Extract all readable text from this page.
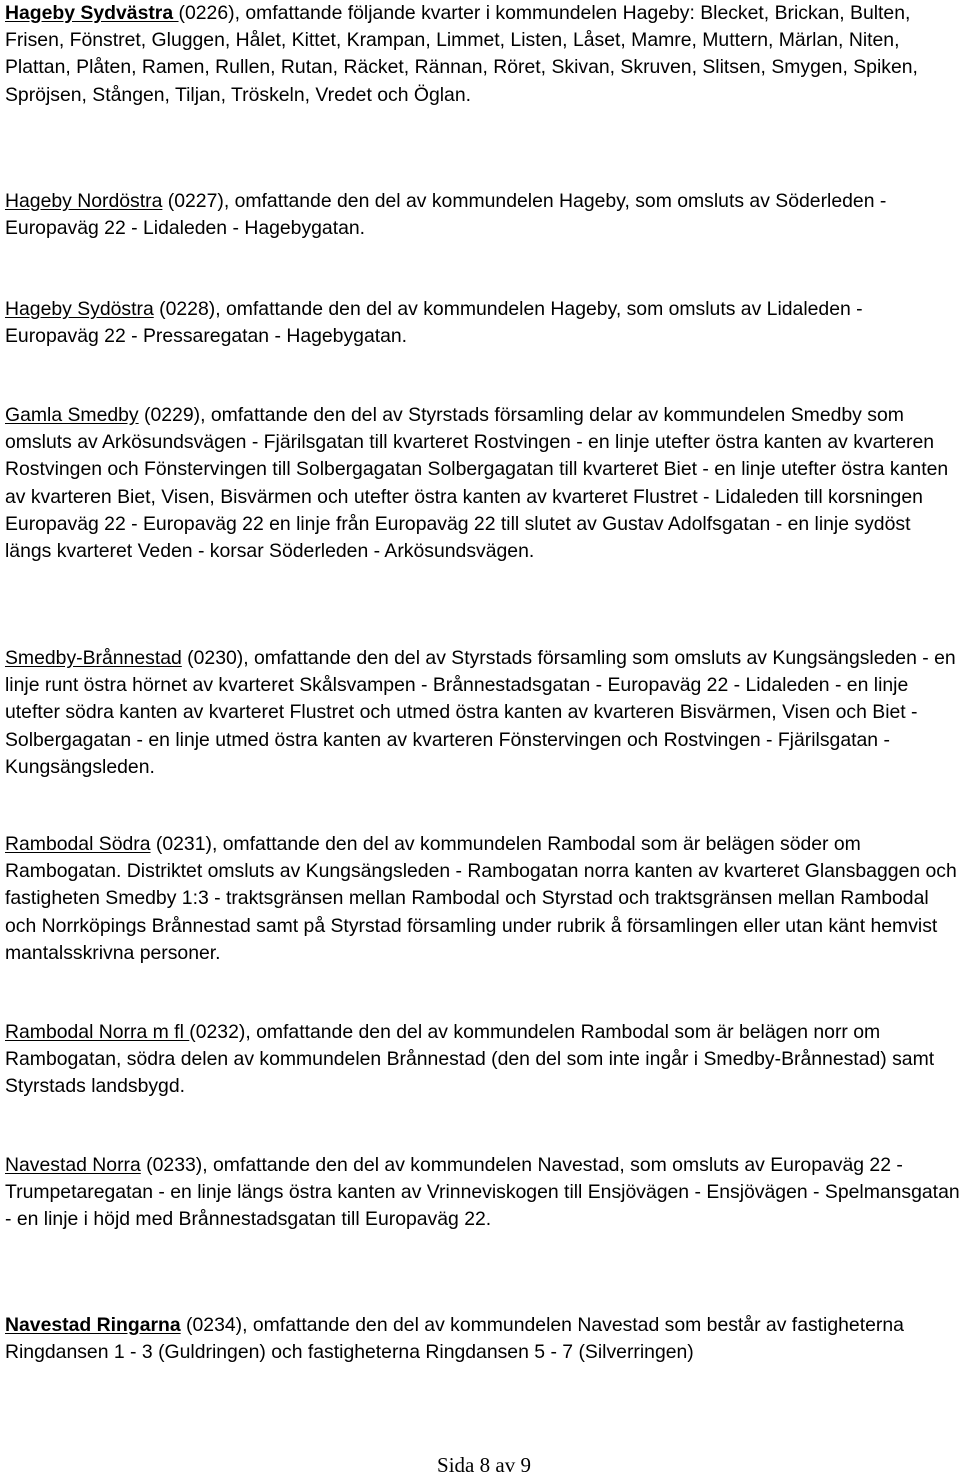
Hageby Sydvästra (0226), omfattande följande kvarter i kommundelen Hageby: Blecket, Brickan, Bulten, Frisen, Fönstret, Gluggen, Hålet, Kittet, Krampan, Limmet, Listen, Låset, Mamre, Muttern, Märlan, Niten, Plattan, Plåten, Ramen, Rullen, Rutan, Räcket, Rännan, Röret, Skivan, Skruven, Slitsen, Smygen, Spiken, Spröjsen, Stången, Tiljan, Tröskeln, Vredet och Öglan.

Hageby Nordöstra (0227), omfattande den del av kommundelen Hageby, som omsluts av Söderleden - Europaväg 22 - Lidaleden - Hagebygatan.

Hageby Sydöstra (0228), omfattande den del av kommundelen Hageby, som omsluts av Lidaleden - Europaväg 22 - Pressaregatan - Hagebygatan.

Gamla Smedby (0229), omfattande den del av Styrstads församling delar av kommundelen Smedby som omsluts av Arkösundsvägen - Fjärilsgatan till kvarteret Rostvingen - en linje utefter östra kanten av kvarteren Rostvingen och Fönstervingen till Solbergagatan Solbergagatan till kvarteret Biet - en linje utefter östra kanten av kvarteren Biet, Visen, Bisvärmen och utefter östra kanten av kvarteret Flustret - Lidaleden till korsningen Europaväg 22 - Europaväg 22 en linje från Europaväg 22 till slutet av Gustav Adolfsgatan - en linje sydöst längs kvarteret Veden - korsar Söderleden - Arkösundsvägen.

Smedby-Brånnestad (0230), omfattande den del av Styrstads församling som omsluts av Kungsängsleden - en linje runt östra hörnet av kvarteret Skålsvampen - Brånnestadsgatan - Europaväg 22 - Lidaleden - en linje utefter södra kanten av kvarteret Flustret och utmed östra kanten av kvarteren Bisvärmen, Visen och Biet - Solbergagatan - en linje utmed östra kanten av kvarteren Fönstervingen och Rostvingen - Fjärilsgatan - Kungsängsleden.

Rambodal Södra (0231), omfattande den del av kommundelen Rambodal som är belägen söder om Rambogatan. Distriktet omsluts av Kungsängsleden - Rambogatan norra kanten av kvarteret Glansbaggen och fastigheten Smedby 1:3 - traktsgränsen mellan Rambodal och Styrstad och traktsgränsen mellan Rambodal och Norrköpings Brånnestad samt på Styrstad församling under rubrik å församlingen eller utan känt hemvist mantalsskrivna personer.

Rambodal Norra m fl (0232), omfattande den del av kommundelen Rambodal som är belägen norr om Rambogatan, södra delen av kommundelen Brånnestad (den del som inte ingår i Smedby-Brånnestad) samt Styrstads landsbygd.

Navestad Norra (0233), omfattande den del av kommundelen Navestad, som omsluts av Europaväg 22 - Trumpetaregatan - en linje längs östra kanten av Vrinneviskogen till Ensjövägen - Ensjövägen - Spelmansgatan - en linje i höjd med Brånnestadsgatan till Europaväg 22.

Navestad Ringarna (0234), omfattande den del av kommundelen Navestad som består av fastigheterna Ringdansen 1 - 3 (Guldringen) och fastigheterna Ringdansen 5 - 7 (Silverringen)

Sida 8 av 9
